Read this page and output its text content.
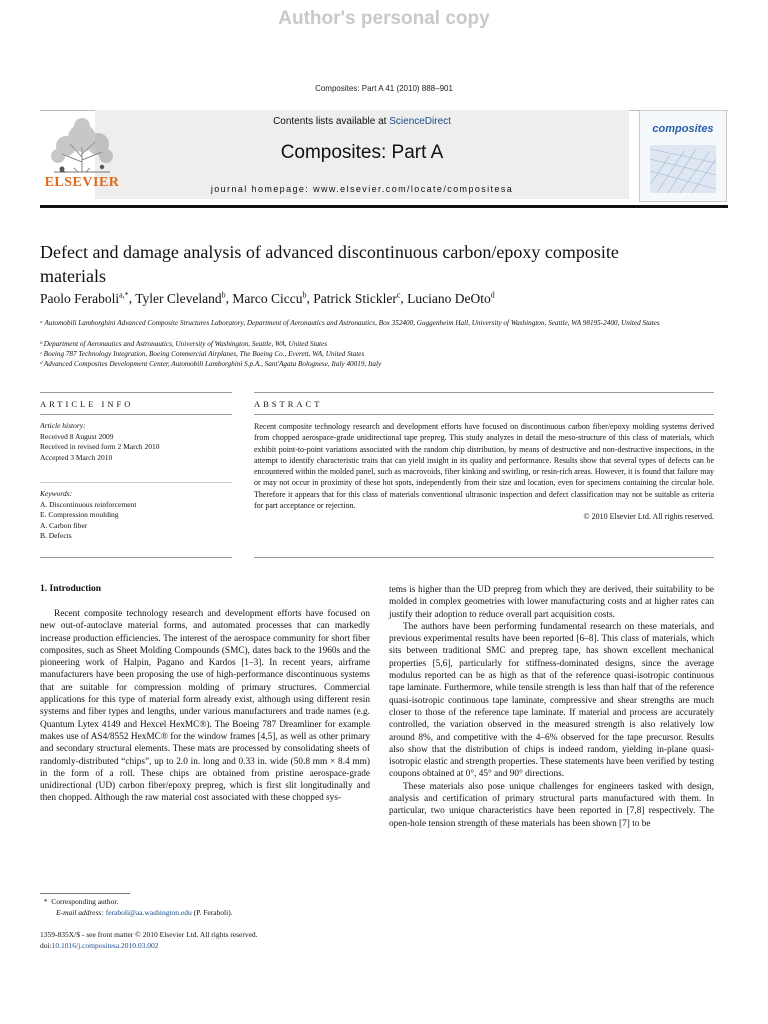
Author's personal copy
Composites: Part A 41 (2010) 888–901
ELSEVIER
Contents lists available at ScienceDirect
Composites: Part A
journal homepage: www.elsevier.com/locate/compositesa
composites
Defect and damage analysis of advanced discontinuous carbon/epoxy composite materials
Paolo Feraboli$^{a,*}$, Tyler Cleveland$^b$, Marco Ciccu$^b$, Patrick Stickler$^c$, Luciano DeOto$^d$
ᵃ Automobili Lamborghini Advanced Composite Structures Laboratory, Department of Aeronautics and Astronautics, Box 352400, Guggenheim Hall, University of Washington, Seattle, WA 98195-2400, United States
ᵇ Department of Aeronautics and Astronautics, University of Washington, Seattle, WA, United States
ᶜ Boeing 787 Technology Integration, Boeing Commercial Airplanes, The Boeing Co., Everett, WA, United States
ᵈ Advanced Composites Development Center, Automobili Lamborghini S.p.A., Sant'Agata Bolognese, Italy 40019, Italy
ARTICLE INFO	ABSTRACT
Article history:
Received 8 August 2009
Received in revised form 2 March 2010
Accepted 3 March 2010
Keywords:
A. Discontinuous reinforcement
E. Compression moulding
A. Carbon fiber
B. Defects
Recent composite technology research and development efforts have focused on discontinuous carbon fiber/epoxy molding systems derived from chopped aerospace-grade unidirectional tape prepreg. This study analyzes in detail the meso-structure of this class of materials, which exhibit point-to-point variations associated with the random chip distribution, by means of destructive and non-destructive inspections, in the attempt to identify characteristic traits that can yield insight in its quality and performance. Results show that several types of defects can be encountered within the molded panel, such as macrovoids, fiber kinking and swirling, or resin-rich areas. However, it is found that failure may or may not occur in proximity of these hot spots, independently from their size and location, even for specimens containing the circular hole. Therefore it appears that for this class of materials conventional ultrasonic inspection and defect classification may not be suitable as criteria for part acceptance or rejection.
© 2010 Elsevier Ltd. All rights reserved.
1. Introduction

Recent composite technology research and development efforts have focused on new out-of-autoclave material forms, and automated processes that can markedly increase production efficiencies. The interest of the aerospace community for short fiber composites, such as Sheet Molding Compounds (SMC), dates back to the 1960s and the pioneering work of Halpin, Pagano and Kardos [1–3]. In recent years, airframe manufacturers have been proposing the use of high-performance discontinuous systems that are suitable for compression molding of primary structures. Commercial applications for this type of material form already exist, although using different resin systems and fiber types and lengths, under various manufacturers and trade names (e.g. Quantum Lytex 4149 and Hexcel HexMC®). The Boeing 787 Dreamliner for example makes use of AS4/8552 HexMC® for the window frames [4,5], as well as other primary and secondary structural elements. These mats are processed by consolidating sheets of randomly-distributed “chips”, up to 2.0 in. long and 0.33 in. wide (50.8 mm × 8.4 mm) in the form of a roll. These chips are obtained from pristine aerospace-grade unidirectional (UD) carbon fiber/epoxy prepreg, which is first slit longitudinally and then chopped. Although the raw material cost associated with these chopped sys-

tems is higher than the UD prepreg from which they are derived, their suitability to be molded in complex geometries with lower manufacturing costs and at higher rates can justify their adoption to reduce overall part acquisition costs.

The authors have been performing fundamental research on these materials, and previous experimental results have been reported [6–8]. This class of materials, which sits between traditional SMC and prepreg tape, has shown excellent mechanical properties [5,6], particularly for stiffness-dominated designs, since the average modulus reported can be as high as that of the reference quasi-isotropic continuous tape laminate. Furthermore, while tensile strength is less than half that of the reference quasi-isotropic continuous tape laminate, compressive and shear strengths are much closer to those of the reference tape laminate. If material and process are accurately controlled, the variation observed in the measured strength is also relatively low around 8%, and competitive with the 4–6% observed for the tape precursor. Results also show that the distribution of chips is indeed random, yielding in-plane quasi-isotropic elastic and strength properties. These statements have been verified by testing coupons obtained at 0°, 45° and 90° directions.

These materials also pose unique challenges for engineers tasked with design, analysis and certification of primary structural parts manufactured with them. In particular, two unique characteristics have been reported in [7,8] respectively. The open-hole tension strength of these materials has been shown [7] to be

* Corresponding author.
E-mail address: feraboli@aa.washington.edu (P. Feraboli).
1359-835X/$ - see front matter © 2010 Elsevier Ltd. All rights reserved.
doi:10.1016/j.compositesa.2010.03.002
